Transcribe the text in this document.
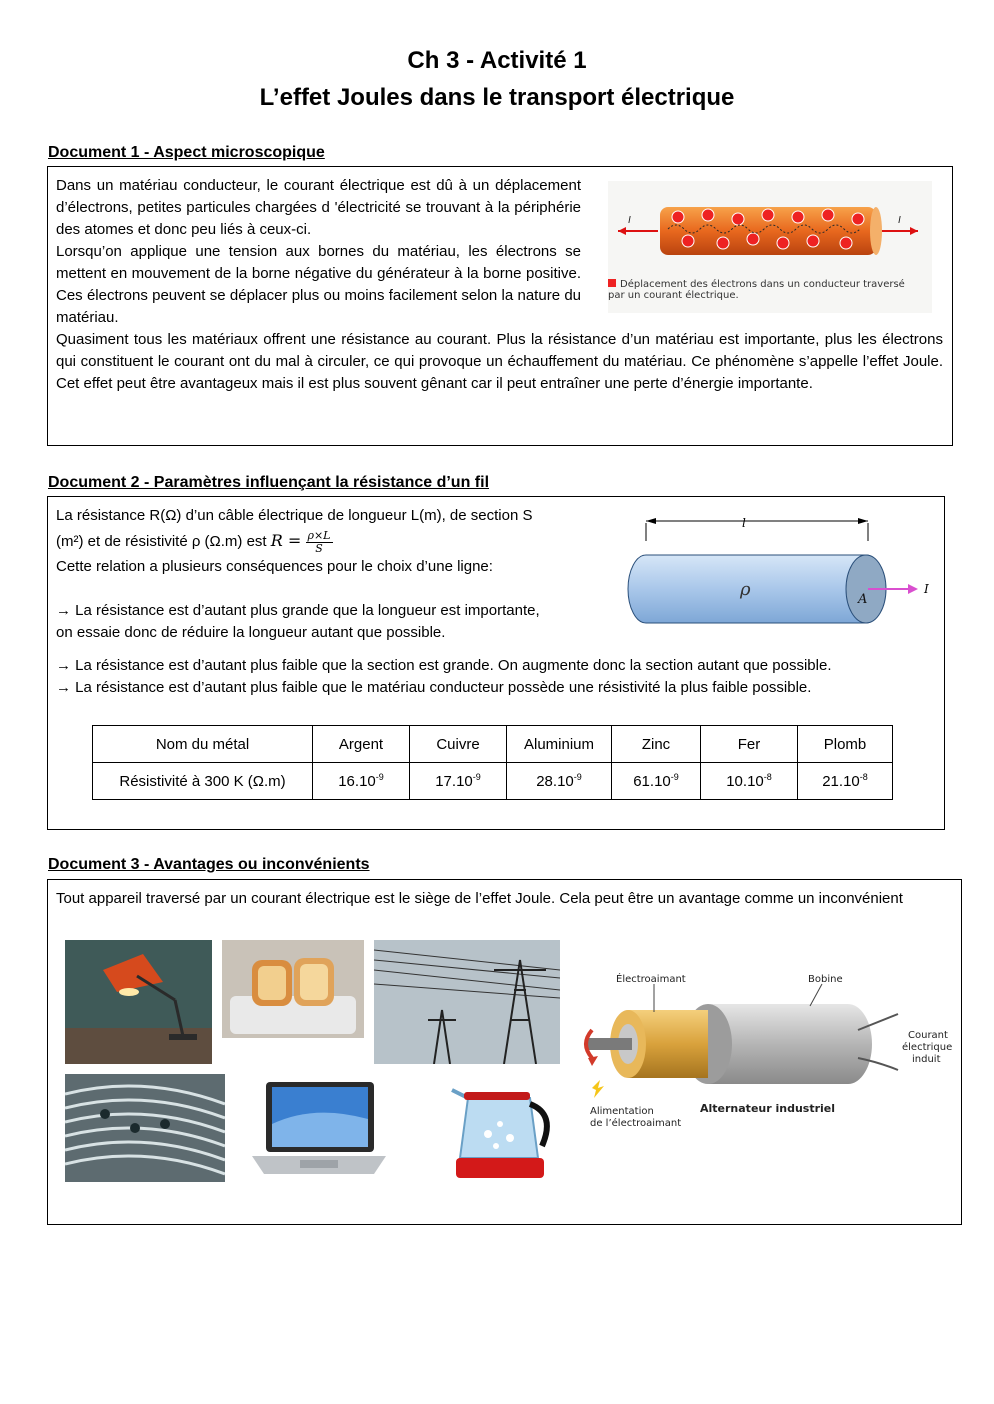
Ch 3 - Activité 1
L’effet Joules dans le transport électrique
Document 1 - Aspect microscopique

Dans un matériau conducteur, le courant électrique est dû à un déplacement d’électrons, petites particules chargées d 'électricité se trouvant à la périphérie des atomes et donc peu liés à ceux-ci.

Lorsqu’on applique une tension aux bornes du matériau, les électrons se mettent en mouvement de la borne négative du générateur à la borne positive. Ces électrons peuvent se déplacer plus ou moins facilement selon la nature du matériau.

Quasiment tous les matériaux offrent une résistance au courant. Plus la résistance d’un matériau est importante, plus les électrons qui constituent le courant ont du mal à circuler, ce qui provoque un échauffement du matériau. Ce phénomène s’appelle l’effet Joule. Cet effet peut être avantageux mais il est plus souvent gênant car il peut entraîner une perte d’énergie importante.

I	I
Déplacement des électrons dans un conducteur traversé
par un courant électrique.
Document 2 - Paramètres influençant la résistance d’un fil

La résistance R(Ω) d’un câble électrique de longueur L(m), de section S

(m²) et de résistivité ρ (Ω.m) est $R = \frac{\rho\times L}{S}$

Cette relation a plusieurs conséquences pour le choix d’une ligne:

→ La résistance est d’autant plus grande que la longueur est importante,

on essaie donc de réduire la longueur autant que possible.

→ La résistance est d’autant plus faible que la section est grande. On augmente donc la section autant que possible.

→ La résistance est d’autant plus faible que le matériau conducteur possède une résistivité la plus faible possible.

l
ρ	A
I
Nom du métal	Argent	Cuivre	Aluminium	Zinc	Fer	Plomb
Résistivité à 300 K (Ω.m)	$16.10^{-9}$	$17.10^{-9}$	$28.10^{-9}$	$61.10^{-9}$	$10.10^{-8}$	$21.10^{-8}$
Document 3 - Avantages ou inconvénients

Tout appareil traversé par un courant électrique est le siège de l’effet Joule. Cela peut être un avantage comme un inconvénient

Électroaimant	Bobine
Courant
électrique
induit
Alimentation
de l’électroaimant
Alternateur industriel
